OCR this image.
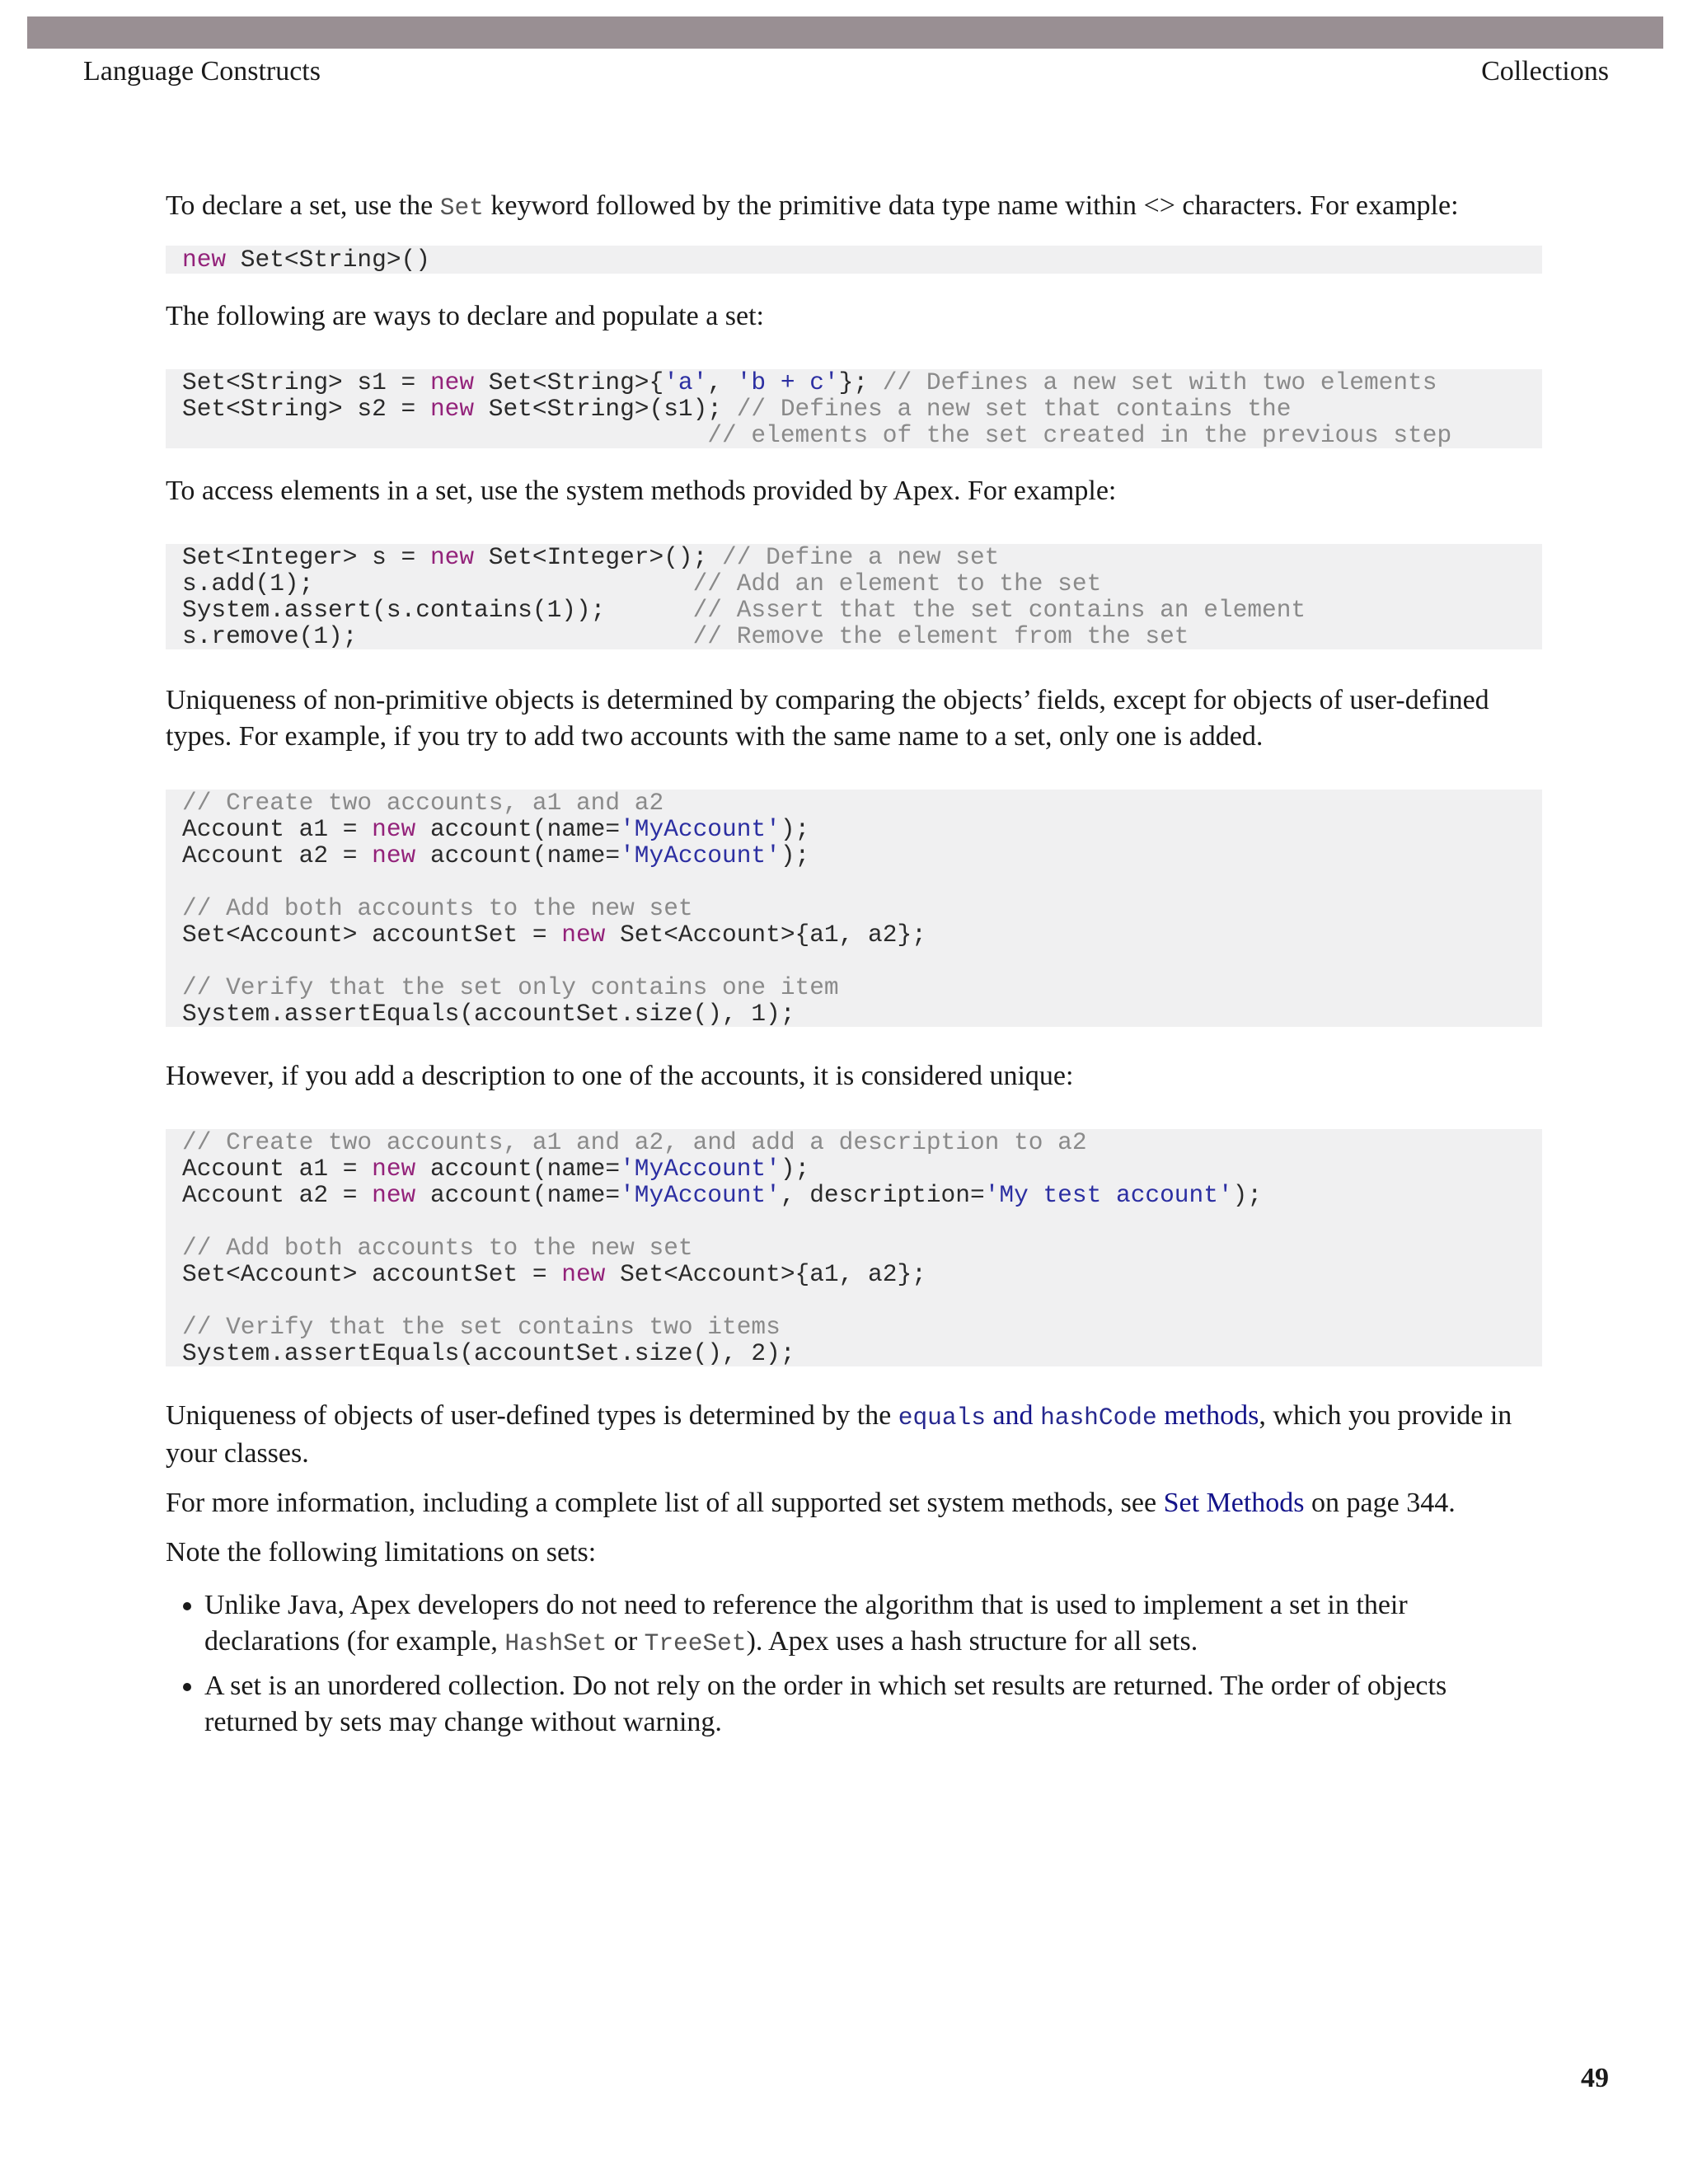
Language Constructs	Collections

To declare a set, use the Set keyword followed by the primitive data type name within <> characters. For example:

new Set<String>()

The following are ways to declare and populate a set:

Set<String> s1 = new Set<String>{'a', 'b + c'}; // Defines a new set with two elements
Set<String> s2 = new Set<String>(s1); // Defines a new set that contains the
// elements of the set created in the previous step

To access elements in a set, use the system methods provided by Apex. For example:

Set<Integer> s = new Set<Integer>(); // Define a new set
s.add(1);                          // Add an element to the set
System.assert(s.contains(1));      // Assert that the set contains an element
s.remove(1);                       // Remove the element from the set

Uniqueness of non-primitive objects is determined by comparing the objects’ fields, except for objects of user-defined types. For example, if you try to add two accounts with the same name to a set, only one is added.

// Create two accounts, a1 and a2
Account a1 = new account(name='MyAccount');
Account a2 = new account(name='MyAccount');

// Add both accounts to the new set
Set<Account> accountSet = new Set<Account>{a1, a2};

// Verify that the set only contains one item
System.assertEquals(accountSet.size(), 1);

However, if you add a description to one of the accounts, it is considered unique:

// Create two accounts, a1 and a2, and add a description to a2
Account a1 = new account(name='MyAccount');
Account a2 = new account(name='MyAccount', description='My test account');

// Add both accounts to the new set
Set<Account> accountSet = new Set<Account>{a1, a2};

// Verify that the set contains two items
System.assertEquals(accountSet.size(), 2);

Uniqueness of objects of user-defined types is determined by the equals and hashCode methods, which you provide in your classes.

For more information, including a complete list of all supported set system methods, see Set Methods on page 344.

Note the following limitations on sets:

• Unlike Java, Apex developers do not need to reference the algorithm that is used to implement a set in their declarations (for example, HashSet or TreeSet). Apex uses a hash structure for all sets.
• A set is an unordered collection. Do not rely on the order in which set results are returned. The order of objects returned by sets may change without warning.
49
